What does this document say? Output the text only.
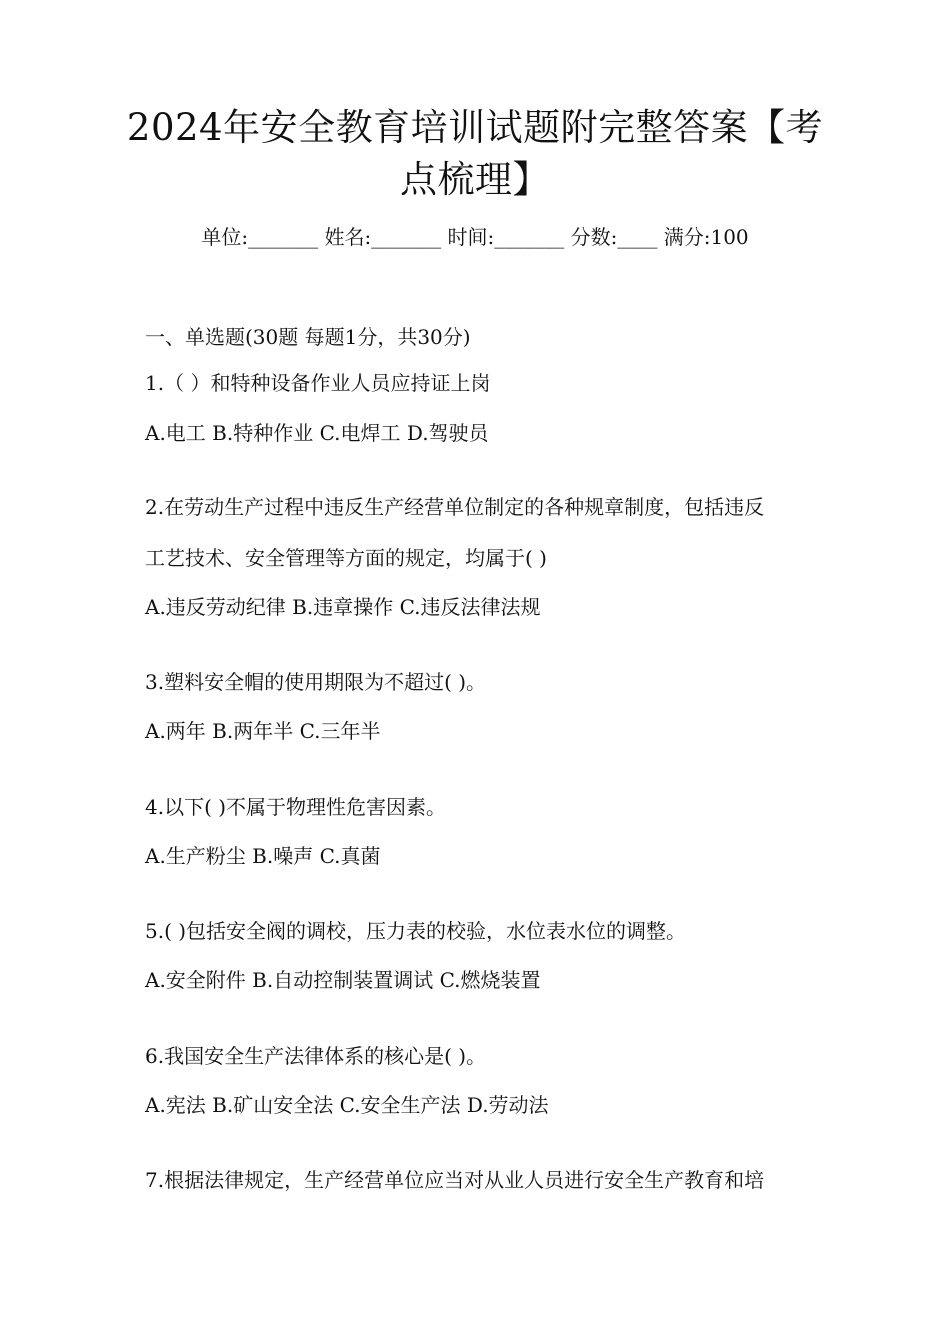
2024年安全教育培训试题附完整答案【考
点梳理】
单位:_______ 姓名:_______ 时间:_______ 分数:____ 满分:100
一、单选题(30题 每题1分，共30分)
1.（ ）和特种设备作业人员应持证上岗
A.电工 B.特种作业 C.电焊工 D.驾驶员
2.在劳动生产过程中违反生产经营单位制定的各种规章制度，包括违反
工艺技术、安全管理等方面的规定，均属于( )
A.违反劳动纪律 B.违章操作 C.违反法律法规
3.塑料安全帽的使用期限为不超过( )。
A.两年 B.两年半 C.三年半
4.以下( )不属于物理性危害因素。
A.生产粉尘 B.噪声 C.真菌
5.( )包括安全阀的调校，压力表的校验，水位表水位的调整。
A.安全附件 B.自动控制装置调试 C.燃烧装置
6.我国安全生产法律体系的核心是( )。
A.宪法 B.矿山安全法 C.安全生产法 D.劳动法
7.根据法律规定，生产经营单位应当对从业人员进行安全生产教育和培
